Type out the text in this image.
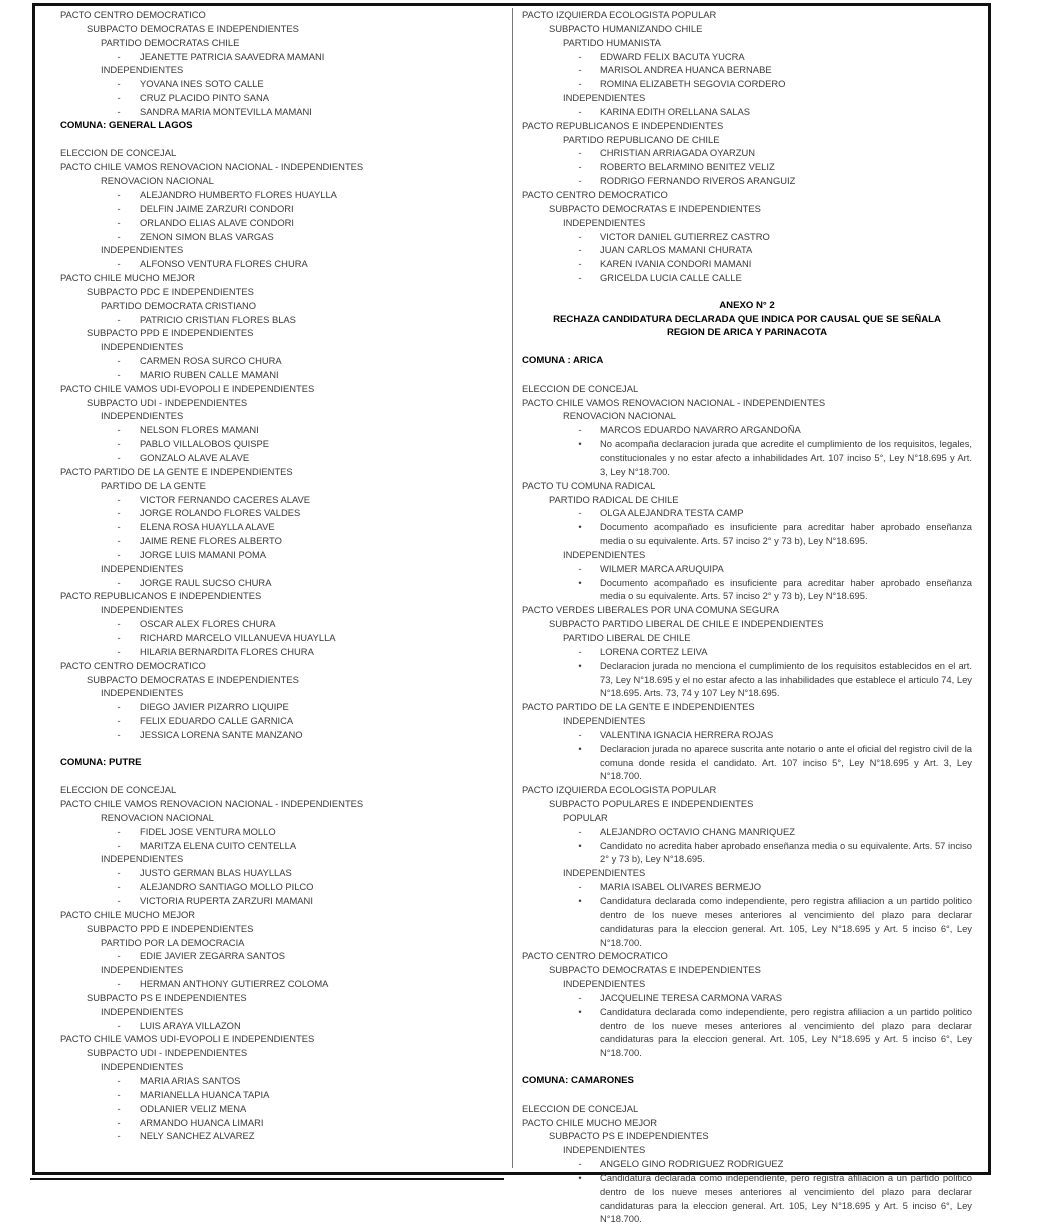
PACTO CENTRO DEMOCRATICO
SUBPACTO DEMOCRATAS E INDEPENDIENTES
PARTIDO DEMOCRATAS CHILE
-	JEANETTE PATRICIA SAAVEDRA MAMANI
INDEPENDIENTES
-	YOVANA INES SOTO CALLE
-	CRUZ PLACIDO PINTO SANA
-	SANDRA MARIA MONTEVILLA MAMANI
COMUNA: GENERAL LAGOS
ELECCION DE CONCEJAL
PACTO CHILE VAMOS RENOVACION NACIONAL - INDEPENDIENTES
RENOVACION NACIONAL
-	ALEJANDRO HUMBERTO FLORES HUAYLLA
-	DELFIN JAIME ZARZURI CONDORI
-	ORLANDO ELIAS ALAVE CONDORI
-	ZENON SIMON BLAS VARGAS
INDEPENDIENTES
-	ALFONSO VENTURA FLORES CHURA
PACTO CHILE MUCHO MEJOR
SUBPACTO PDC E INDEPENDIENTES
PARTIDO DEMOCRATA CRISTIANO
-	PATRICIO CRISTIAN FLORES BLAS
SUBPACTO PPD E INDEPENDIENTES
INDEPENDIENTES
-	CARMEN ROSA SURCO CHURA
-	MARIO RUBEN CALLE MAMANI
PACTO CHILE VAMOS UDI-EVOPOLI E INDEPENDIENTES
SUBPACTO UDI - INDEPENDIENTES
INDEPENDIENTES
-	NELSON FLORES MAMANI
-	PABLO VILLALOBOS QUISPE
-	GONZALO ALAVE ALAVE
PACTO PARTIDO DE LA GENTE E INDEPENDIENTES
PARTIDO DE LA GENTE
-	VICTOR FERNANDO CACERES ALAVE
-	JORGE ROLANDO FLORES VALDES
-	ELENA ROSA HUAYLLA ALAVE
-	JAIME RENE FLORES ALBERTO
-	JORGE LUIS MAMANI POMA
INDEPENDIENTES
-	JORGE RAUL SUCSO CHURA
PACTO REPUBLICANOS E INDEPENDIENTES
INDEPENDIENTES
-	OSCAR ALEX FLORES CHURA
-	RICHARD MARCELO VILLANUEVA HUAYLLA
-	HILARIA BERNARDITA FLORES CHURA
PACTO CENTRO DEMOCRATICO
SUBPACTO DEMOCRATAS E INDEPENDIENTES
INDEPENDIENTES
-	DIEGO JAVIER PIZARRO LIQUIPE
-	FELIX EDUARDO CALLE GARNICA
-	JESSICA LORENA SANTE MANZANO
COMUNA: PUTRE
ELECCION DE CONCEJAL
PACTO CHILE VAMOS RENOVACION NACIONAL - INDEPENDIENTES
RENOVACION NACIONAL
-	FIDEL JOSE VENTURA MOLLO
-	MARITZA ELENA CUITO CENTELLA
INDEPENDIENTES
-	JUSTO GERMAN BLAS HUAYLLAS
-	ALEJANDRO SANTIAGO MOLLO PILCO
-	VICTORIA RUPERTA ZARZURI MAMANI
PACTO CHILE MUCHO MEJOR
SUBPACTO PPD E INDEPENDIENTES
PARTIDO POR LA DEMOCRACIA
-	EDIE JAVIER ZEGARRA SANTOS
INDEPENDIENTES
-	HERMAN ANTHONY GUTIERREZ COLOMA
SUBPACTO PS E INDEPENDIENTES
INDEPENDIENTES
-	LUIS ARAYA VILLAZON
PACTO CHILE VAMOS UDI-EVOPOLI E INDEPENDIENTES
SUBPACTO UDI - INDEPENDIENTES
INDEPENDIENTES
-	MARIA ARIAS SANTOS
-	MARIANELLA HUANCA TAPIA
-	ODLANIER VELIZ MENA
-	ARMANDO HUANCA LIMARI
-	NELY SANCHEZ ALVAREZ
PACTO IZQUIERDA ECOLOGISTA POPULAR
SUBPACTO HUMANIZANDO CHILE
PARTIDO HUMANISTA
-	EDWARD FELIX BACUTA YUCRA
-	MARISOL ANDREA HUANCA BERNABE
-	ROMINA ELIZABETH SEGOVIA CORDERO
INDEPENDIENTES
-	KARINA EDITH ORELLANA SALAS
PACTO REPUBLICANOS E INDEPENDIENTES
PARTIDO REPUBLICANO DE CHILE
-	CHRISTIAN ARRIAGADA OYARZUN
-	ROBERTO BELARMINO BENITEZ VELIZ
-	RODRIGO FERNANDO RIVEROS ARANGUIZ
PACTO CENTRO DEMOCRATICO
SUBPACTO DEMOCRATAS E INDEPENDIENTES
INDEPENDIENTES
-	VICTOR DANIEL GUTIERREZ CASTRO
-	JUAN CARLOS MAMANI CHURATA
-	KAREN IVANIA CONDORI MAMANI
-	GRICELDA LUCIA CALLE CALLE
ANEXO N° 2
RECHAZA CANDIDATURA DECLARADA QUE INDICA POR CAUSAL QUE SE SEÑALA
REGION DE ARICA Y PARINACOTA
COMUNA : ARICA
ELECCION DE CONCEJAL
PACTO CHILE VAMOS RENOVACION NACIONAL - INDEPENDIENTES
RENOVACION NACIONAL
-	MARCOS EDUARDO NAVARRO ARGANDOÑA
•	No acompaña declaracion jurada que acredite el cumplimiento de los requisitos, legales, constitucionales y no estar afecto a inhabilidades Art. 107 inciso 5°, Ley N°18.695 y Art. 3, Ley N°18.700.
PACTO TU COMUNA RADICAL
PARTIDO RADICAL DE CHILE
-	OLGA ALEJANDRA TESTA CAMP
•	Documento acompañado es insuficiente para acreditar haber aprobado enseñanza media o su equivalente. Arts. 57 inciso 2° y 73 b), Ley N°18.695.
INDEPENDIENTES
-	WILMER MARCA ARUQUIPA
•	Documento acompañado es insuficiente para acreditar haber aprobado enseñanza media o su equivalente. Arts. 57 inciso 2° y 73 b), Ley N°18.695.
PACTO VERDES LIBERALES POR UNA COMUNA SEGURA
SUBPACTO PARTIDO LIBERAL DE CHILE E INDEPENDIENTES
PARTIDO LIBERAL DE CHILE
-	LORENA CORTEZ LEIVA
•	Declaracion jurada no menciona el cumplimiento de los requisitos establecidos en el art. 73, Ley N°18.695 y el no estar afecto a las inhabilidades que establece el articulo 74, Ley N°18.695. Arts. 73, 74 y 107 Ley N°18.695.
PACTO PARTIDO DE LA GENTE E INDEPENDIENTES
INDEPENDIENTES
-	VALENTINA IGNACIA HERRERA ROJAS
•	Declaracion jurada no aparece suscrita ante notario o ante el oficial del registro civil de la comuna donde resida el candidato. Art. 107 inciso 5°, Ley N°18.695 y Art. 3, Ley N°18.700.
PACTO IZQUIERDA ECOLOGISTA POPULAR
SUBPACTO POPULARES E INDEPENDIENTES
POPULAR
-	ALEJANDRO OCTAVIO CHANG MANRIQUEZ
•	Candidato no acredita haber aprobado enseñanza media o su equivalente. Arts. 57 inciso 2° y 73 b), Ley N°18.695.
INDEPENDIENTES
-	MARIA ISABEL OLIVARES BERMEJO
•	Candidatura declarada como independiente, pero registra afiliacion a un partido politico dentro de los nueve meses anteriores al vencimiento del plazo para declarar candidaturas para la eleccion general. Art. 105, Ley N°18.695 y Art. 5 inciso 6°, Ley N°18.700.
PACTO CENTRO DEMOCRATICO
SUBPACTO DEMOCRATAS E INDEPENDIENTES
INDEPENDIENTES
-	JACQUELINE TERESA CARMONA VARAS
•	Candidatura declarada como independiente, pero registra afiliacion a un partido politico dentro de los nueve meses anteriores al vencimiento del plazo para declarar candidaturas para la eleccion general. Art. 105, Ley N°18.695 y Art. 5 inciso 6°, Ley N°18.700.
COMUNA: CAMARONES
ELECCION DE CONCEJAL
PACTO CHILE MUCHO MEJOR
SUBPACTO PS E INDEPENDIENTES
INDEPENDIENTES
-	ANGELO GINO RODRIGUEZ RODRIGUEZ
•	Candidatura declarada como independiente, pero registra afiliacion a un partido politico dentro de los nueve meses anteriores al vencimiento del plazo para declarar candidaturas para la eleccion general. Art. 105, Ley N°18.695 y Art. 5 inciso 6°, Ley N°18.700.
